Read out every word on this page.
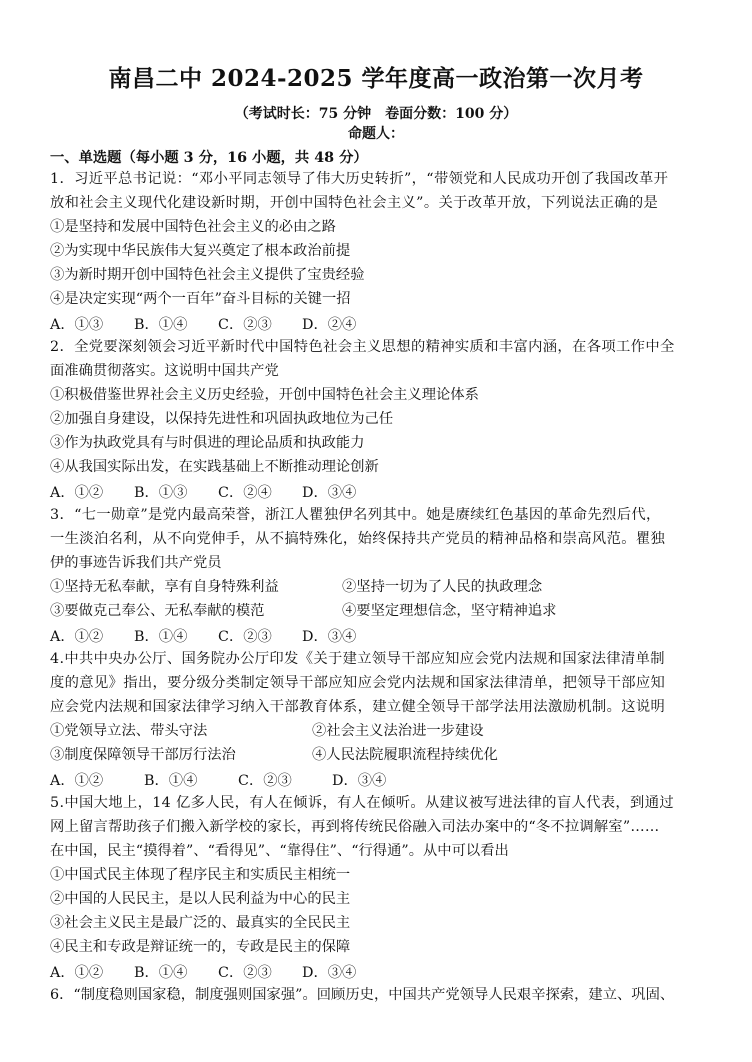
南昌二中 2024-2025 学年度高一政治第一次月考
（考试时长：75 分钟　卷面分数：100 分）
命题人：
一、单选题（每小题 3 分，16 小题，共 48 分）
1．习近平总书记说：“邓小平同志领导了伟大历史转折”，“带领党和人民成功开创了我国改革开
放和社会主义现代化建设新时期，开创中国特色社会主义”。关于改革开放，下列说法正确的是
①是坚持和发展中国特色社会主义的必由之路
②为实现中华民族伟大复兴奠定了根本政治前提
③为新时期开创中国特色社会主义提供了宝贵经验
④是决定实现“两个一百年”奋斗目标的关键一招
A．①③ B．①④ C．②③ D．②④
2．全党要深刻领会习近平新时代中国特色社会主义思想的精神实质和丰富内涵，在各项工作中全
面准确贯彻落实。这说明中国共产党
①积极借鉴世界社会主义历史经验，开创中国特色社会主义理论体系
②加强自身建设，以保持先进性和巩固执政地位为己任
③作为执政党具有与时俱进的理论品质和执政能力
④从我国实际出发，在实践基础上不断推动理论创新
A．①② B．①③ C．②④ D．③④
3．“七一勋章”是党内最高荣誉，浙江人瞿独伊名列其中。她是赓续红色基因的革命先烈后代，
一生淡泊名利，从不向党伸手，从不搞特殊化，始终保持共产党员的精神品格和崇高风范。瞿独
伊的事迹告诉我们共产党员
①坚持无私奉献，享有自身特殊利益	②坚持一切为了人民的执政理念
③要做克己奉公、无私奉献的模范	④要坚定理想信念，坚守精神追求
A．①② B．①④ C．②③ D．③④
4.中共中央办公厅、国务院办公厅印发《关于建立领导干部应知应会党内法规和国家法律清单制
度的意见》指出，要分级分类制定领导干部应知应会党内法规和国家法律清单，把领导干部应知
应会党内法规和国家法律学习纳入干部教育体系，建立健全领导干部学法用法激励机制。这说明
①党领导立法、带头守法	②社会主义法治进一步建设
③制度保障领导干部厉行法治	④人民法院履职流程持续优化
A．①②	B．①④	C．②③	D．③④
5.中国大地上，14 亿多人民，有人在倾诉，有人在倾听。从建议被写进法律的盲人代表，到通过
网上留言帮助孩子们搬入新学校的家长，再到将传统民俗融入司法办案中的“冬不拉调解室”……
在中国，民主“摸得着”、“看得见”、“靠得住”、“行得通”。从中可以看出
①中国式民主体现了程序民主和实质民主相统一
②中国的人民民主，是以人民利益为中心的民主
③社会主义民主是最广泛的、最真实的全民民主
④民主和专政是辩证统一的，专政是民主的保障
A．①② B．①④ C．②③ D．③④
6．“制度稳则国家稳，制度强则国家强”。回顾历史，中国共产党领导人民艰辛探索，建立、巩固、
